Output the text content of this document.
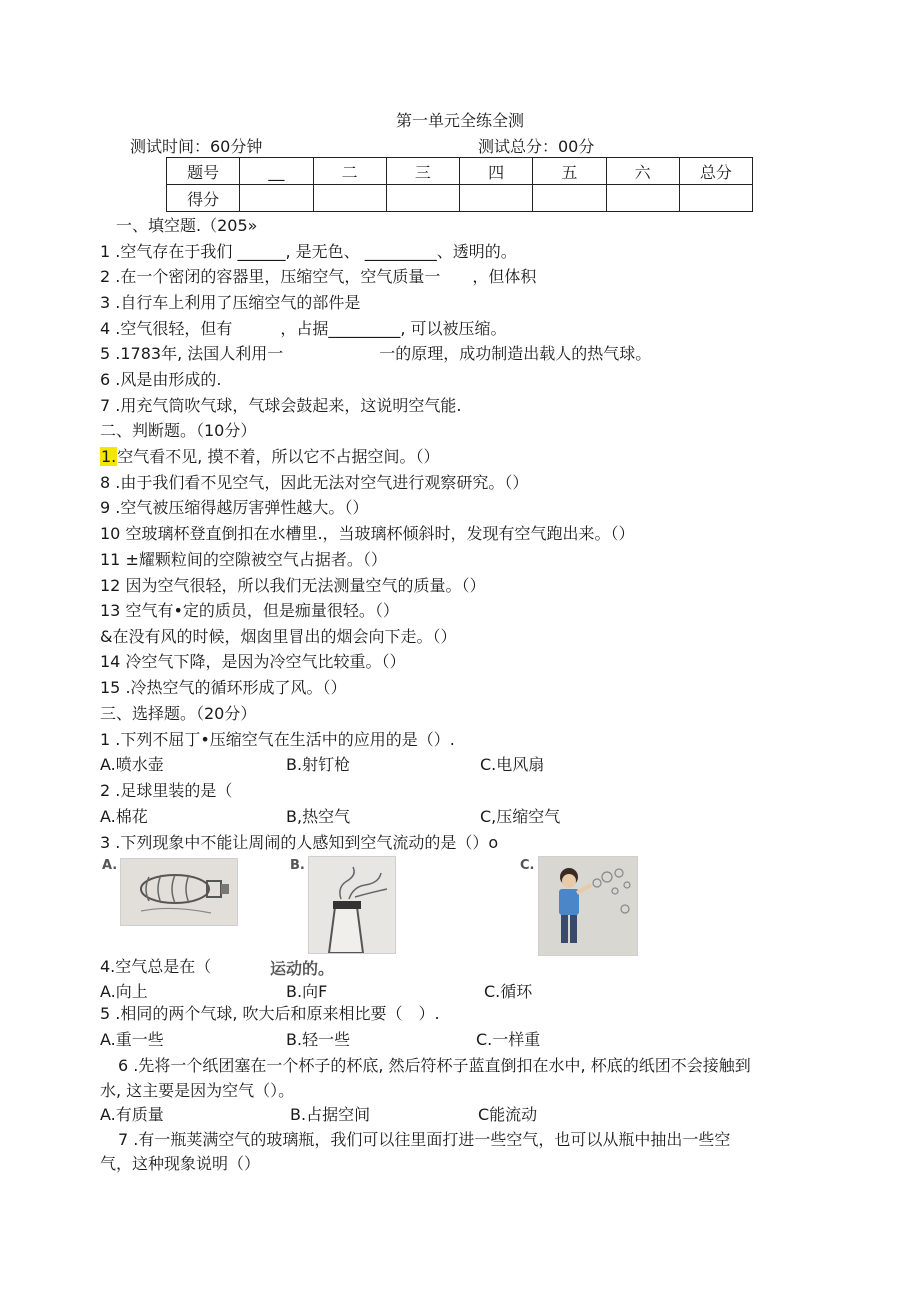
第一单元全练全测
测试时间：60分钟	测试总分：00分
题号	__	二	三	四	五	六	总分
得分							
一、填空题.（205»
1 .空气存在于我们 ______, 是无色、 _________、透明的。
2 .在一个密闭的容器里，压缩空气，空气质量一　　，但体积
3 .自行车上利用了压缩空气的部件是
4 .空气很轻，但有　　　，占据_________, 可以被压缩。
5 .1783年, 法国人利用一　　　　　　一的原理，成功制造出载人的热气球。
6 .风是由形成的.
7 .用充气筒吹气球，气球会鼓起来，这说明空气能.
二、判断题。（10分）
1.空气看不见, 摸不着，所以它不占据空间。（）
8 .由于我们看不见空气，因此无法对空气进行观察研究。（）
9 .空气被压缩得越厉害弹性越大。（）
10 空玻璃杯登直倒扣在水槽里.，当玻璃杯倾斜时，发现有空气跑出来。（）
11 ±耀颗粒间的空隙被空气占据者。（）
12 因为空气很轻，所以我们无法测量空气的质量。（）
13 空气有•定的质员，但是痂量很轻。（）
&在没有风的时候，烟囱里冒出的烟会向下走。（）
14 冷空气下降，是因为冷空气比较重。（）
15 .冷热空气的循环形成了风。（）
三、选择题。（20分）
1 .下列不屈丁•压缩空气在生活中的应用的是（）.
A.喷水壶	B.射钉枪	C.电风扇
2 .足球里装的是（
A.棉花	B,热空气	C,压缩空气
3 .下列现象中不能让周闹的人感知到空气流动的是（）o
A.	B.	C.
4.空气总是在（	运动的。
A.向上	B.向F	C.循环
5 .相同的两个气球, 吹大后和原来相比要（　）.
A.重一些	B.轻一些	C.一样重
6 .先将一个纸团塞在一个杯子的杯底, 然后符杯子蓝直倒扣在水中, 杯底的纸团不会接触到
水, 这主要是因为空气（）。
A.有质量	B.占据空间	C能流动
7 .有一瓶荚满空气的玻璃瓶，我们可以往里面打进一些空气，也可以从瓶中抽出一些空
气，这种现象说明（）
